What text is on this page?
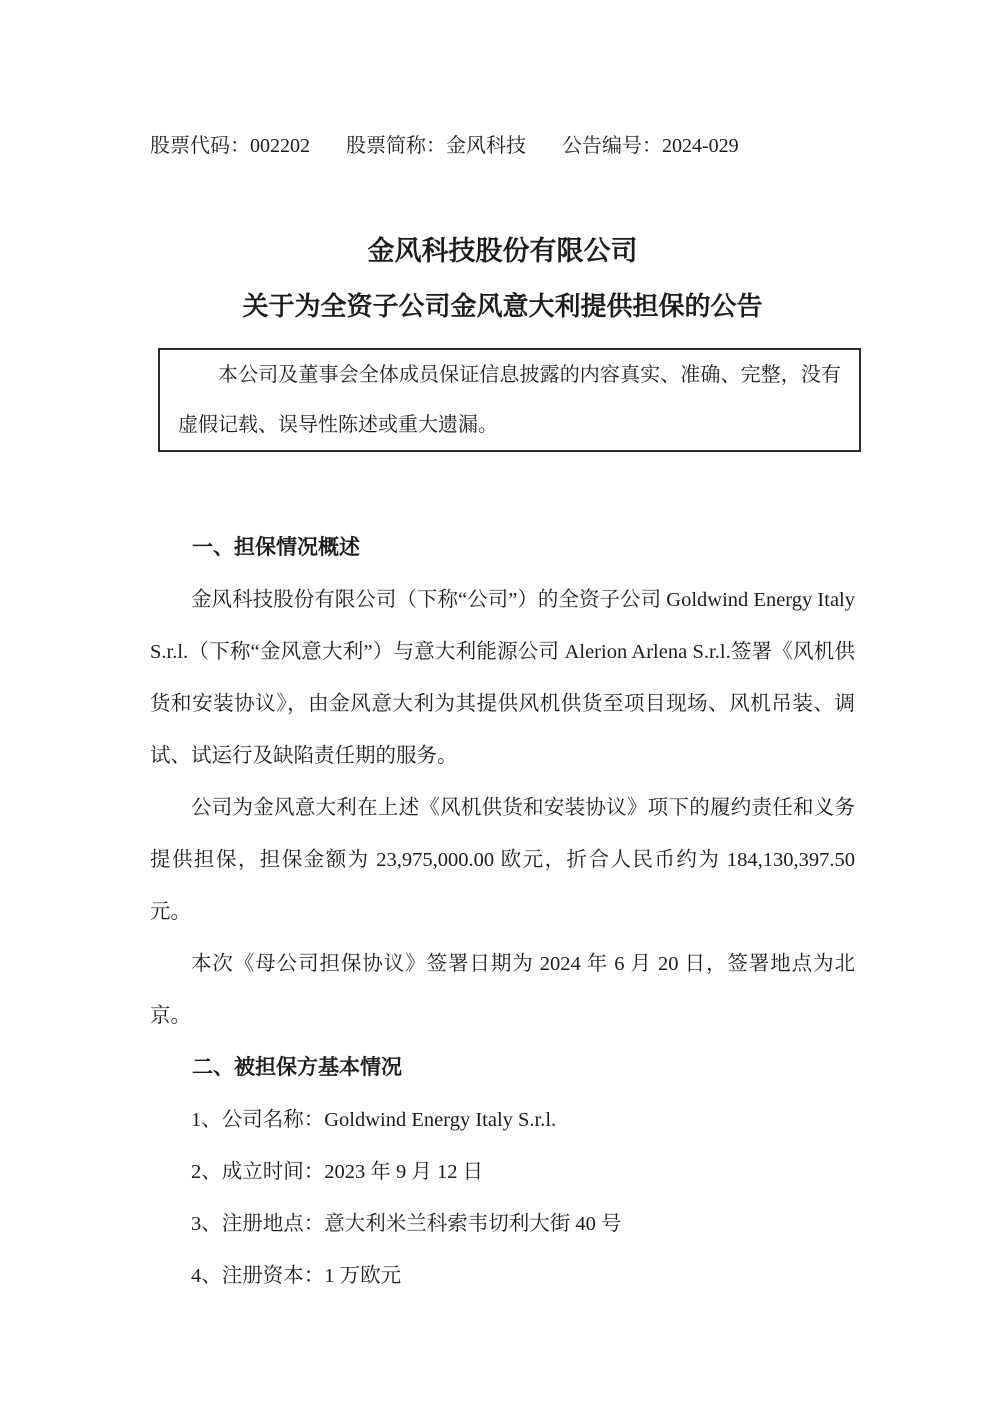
股票代码：002202 股票简称：金风科技 公告编号：2024-029
金风科技股份有限公司
关于为全资子公司金风意大利提供担保的公告

本公司及董事会全体成员保证信息披露的内容真实、准确、完整，没有虚假记载、误导性陈述或重大遗漏。

一、担保情况概述

金风科技股份有限公司（下称“公司”）的全资子公司 Goldwind Energy Italy S.r.l.（下称“金风意大利”）与意大利能源公司 Alerion Arlena S.r.l.签署《风机供货和安装协议》，由金风意大利为其提供风机供货至项目现场、风机吊装、调试、试运行及缺陷责任期的服务。

公司为金风意大利在上述《风机供货和安装协议》项下的履约责任和义务提供担保，担保金额为 23,975,000.00 欧元，折合人民币约为 184,130,397.50 元。

本次《母公司担保协议》签署日期为 2024 年 6 月 20 日，签署地点为北京。

二、被担保方基本情况

1、公司名称：Goldwind Energy Italy S.r.l.

2、成立时间：2023 年 9 月 12 日

3、注册地点：意大利米兰科索韦切利大街 40 号

4、注册资本：1 万欧元
